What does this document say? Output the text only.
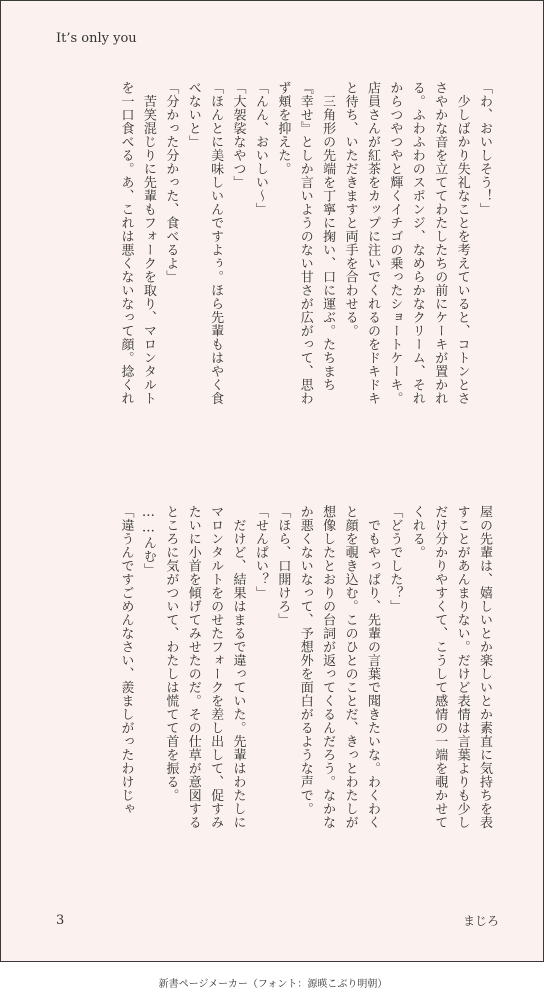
It’s only you
「わ、おいしそう！」
　少しばかり失礼なことを考えていると、コトンとさ
さやかな音を立ててわたしたちの前にケーキが置かれ
る。ふわふわのスポンジ、なめらかなクリーム、それ
からつやつやと輝くイチゴの乗ったショートケーキ。
店員さんが紅茶をカップに注いでくれるのをドキドキ
と待ち、いただきますと両手を合わせる。
　三角形の先端を丁寧に掬い、口に運ぶ。たちまち
『幸せ』としか言いようのない甘さが広がって、思わ
ず頬を抑えた。
「んん、おいしい〜」
「大袈裟なやつ」
「ほんとに美味しいんですよぅ。ほら先輩もはやく食
べないと」
「分かった分かった、食べるよ」
　苦笑混じりに先輩もフォークを取り、マロンタルト
を一口食べる。あ、これは悪くないなって顔。捻くれ
屋の先輩は、嬉しいとか楽しいとか素直に気持ちを表
すことがあんまりない。だけど表情は言葉よりも少し
だけ分かりやすくて、こうして感情の一端を覗かせて
くれる。
「どうでした？」
　でもやっぱり、先輩の言葉で聞きたいな。わくわく
と顔を覗き込む。このひとのことだ、きっとわたしが
想像したとおりの台詞が返ってくるんだろう。なかな
か悪くないなって、予想外を面白がるような声で。
「ほら、口開けろ」
「せんぱい？」
　だけど、結果はまるで違っていた。先輩はわたしに
マロンタルトをのせたフォークを差し出して、促すみ
たいに小首を傾げてみせたのだ。その仕草が意図する
ところに気がついて、わたしは慌てて首を振る。
……んむ」
「違うんですごめんなさい、羨ましがったわけじゃ
3	まじろ
新書ページメーカー（フォント：源暎こぶり明朝）
